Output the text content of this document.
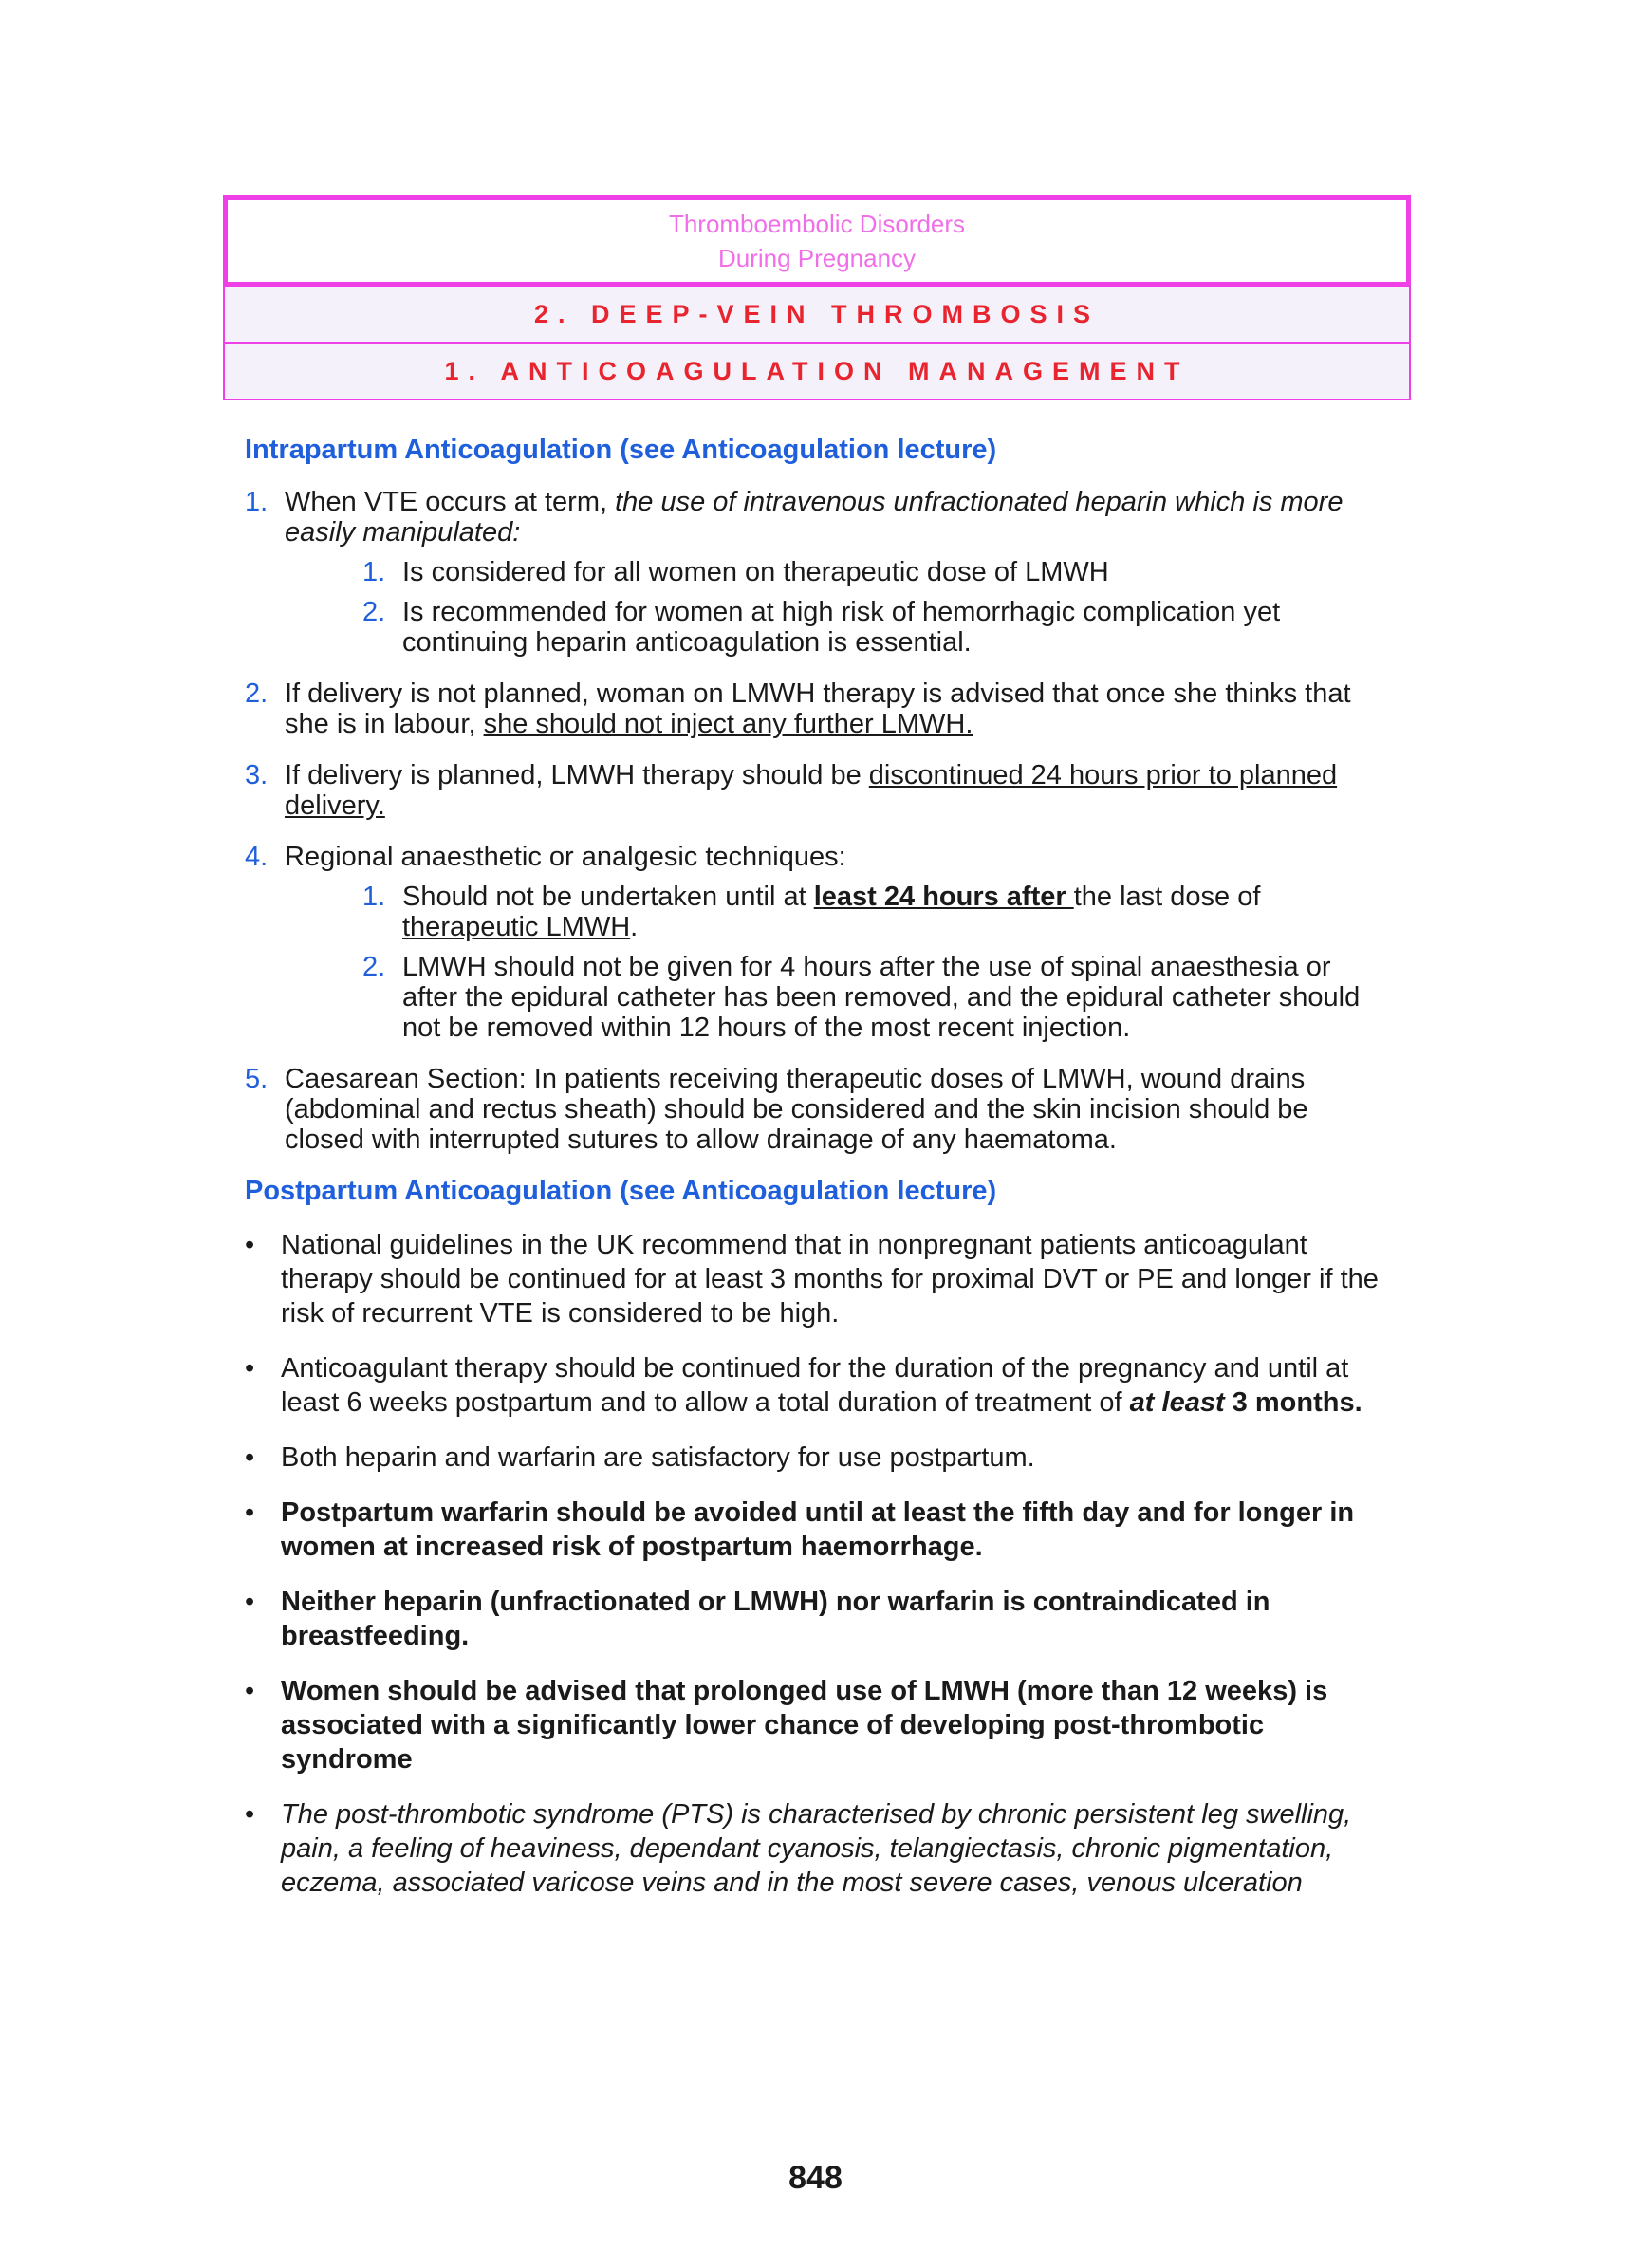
Thromboembolic Disorders
During Pregnancy
2. DEEP-VEIN THROMBOSIS
1. ANTICOAGULATION MANAGEMENT
Intrapartum Anticoagulation (see Anticoagulation lecture)
1. When VTE occurs at term, the use of intravenous unfractionated heparin which is more easily manipulated:
1. Is considered for all women on therapeutic dose of LMWH
2. Is recommended for women at high risk of hemorrhagic complication yet continuing heparin anticoagulation is essential.
2. If delivery is not planned, woman on LMWH therapy is advised that once she thinks that she is in labour, she should not inject any further LMWH.
3. If delivery is planned, LMWH therapy should be discontinued 24 hours prior to planned delivery.
4. Regional anaesthetic or analgesic techniques:
1. Should not be undertaken until at least 24 hours after the last dose of therapeutic LMWH.
2. LMWH should not be given for 4 hours after the use of spinal anaesthesia or after the epidural catheter has been removed, and the epidural catheter should not be removed within 12 hours of the most recent injection.
5. Caesarean Section: In patients receiving therapeutic doses of LMWH, wound drains (abdominal and rectus sheath) should be considered and the skin incision should be closed with interrupted sutures to allow drainage of any haematoma.
Postpartum Anticoagulation (see Anticoagulation lecture)
• National guidelines in the UK recommend that in nonpregnant patients anticoagulant therapy should be continued for at least 3 months for proximal DVT or PE and longer if the risk of recurrent VTE is considered to be high.
• Anticoagulant therapy should be continued for the duration of the pregnancy and until at least 6 weeks postpartum and to allow a total duration of treatment of at least 3 months.
• Both heparin and warfarin are satisfactory for use postpartum.
• Postpartum warfarin should be avoided until at least the fifth day and for longer in women at increased risk of postpartum haemorrhage.
• Neither heparin (unfractionated or LMWH) nor warfarin is contraindicated in breastfeeding.
• Women should be advised that prolonged use of LMWH (more than 12 weeks) is associated with a significantly lower chance of developing post-thrombotic syndrome
• The post-thrombotic syndrome (PTS) is characterised by chronic persistent leg swelling, pain, a feeling of heaviness, dependant cyanosis, telangiectasis, chronic pigmentation, eczema, associated varicose veins and in the most severe cases, venous ulceration
848
